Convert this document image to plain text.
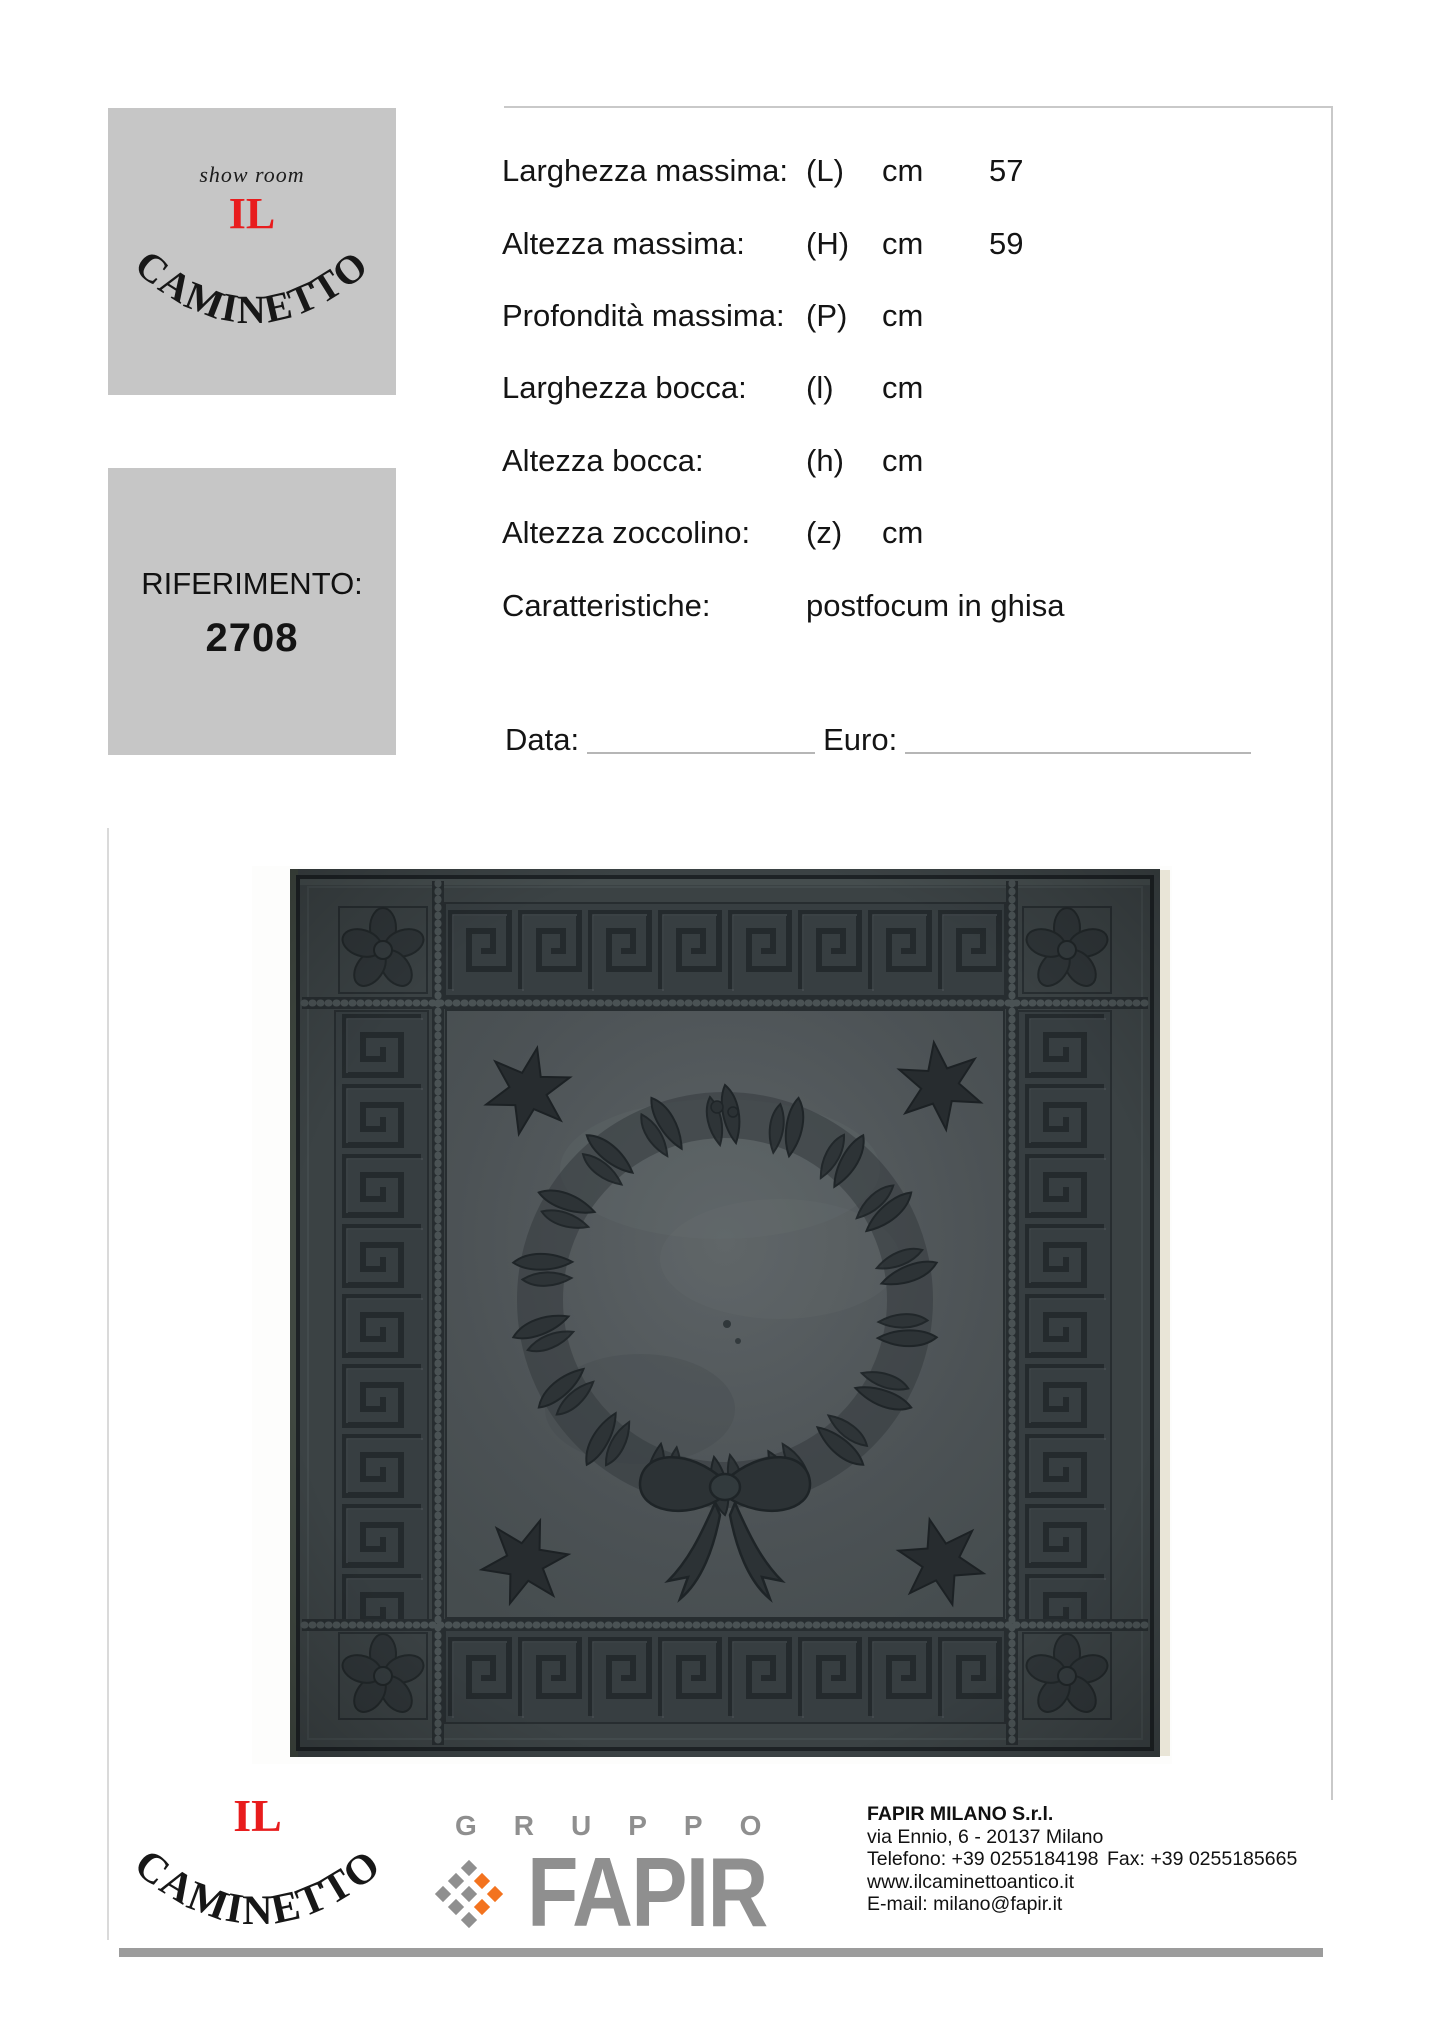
show room
IL
CAMINETTO
RIFERIMENTO:
2708
Larghezza massima: (L)	cm	57
Altezza massima:	(H)	cm	59
Profondità massima: (P)	cm
Larghezza bocca:	(l)	cm
Altezza bocca:	(h)	cm
Altezza zoccolino:	(z)	cm
Caratteristiche:	postfocum in ghisa
Data:	Euro:
IL
CAMINETTO
GRUPPO
FAPIR
FAPIR MILANO S.r.l.
via Ennio, 6 - 20137 Milano
Telefono: +39 0255184198 Fax: +39 0255185665
www.ilcaminettoantico.it
E-mail: milano@fapir.it
